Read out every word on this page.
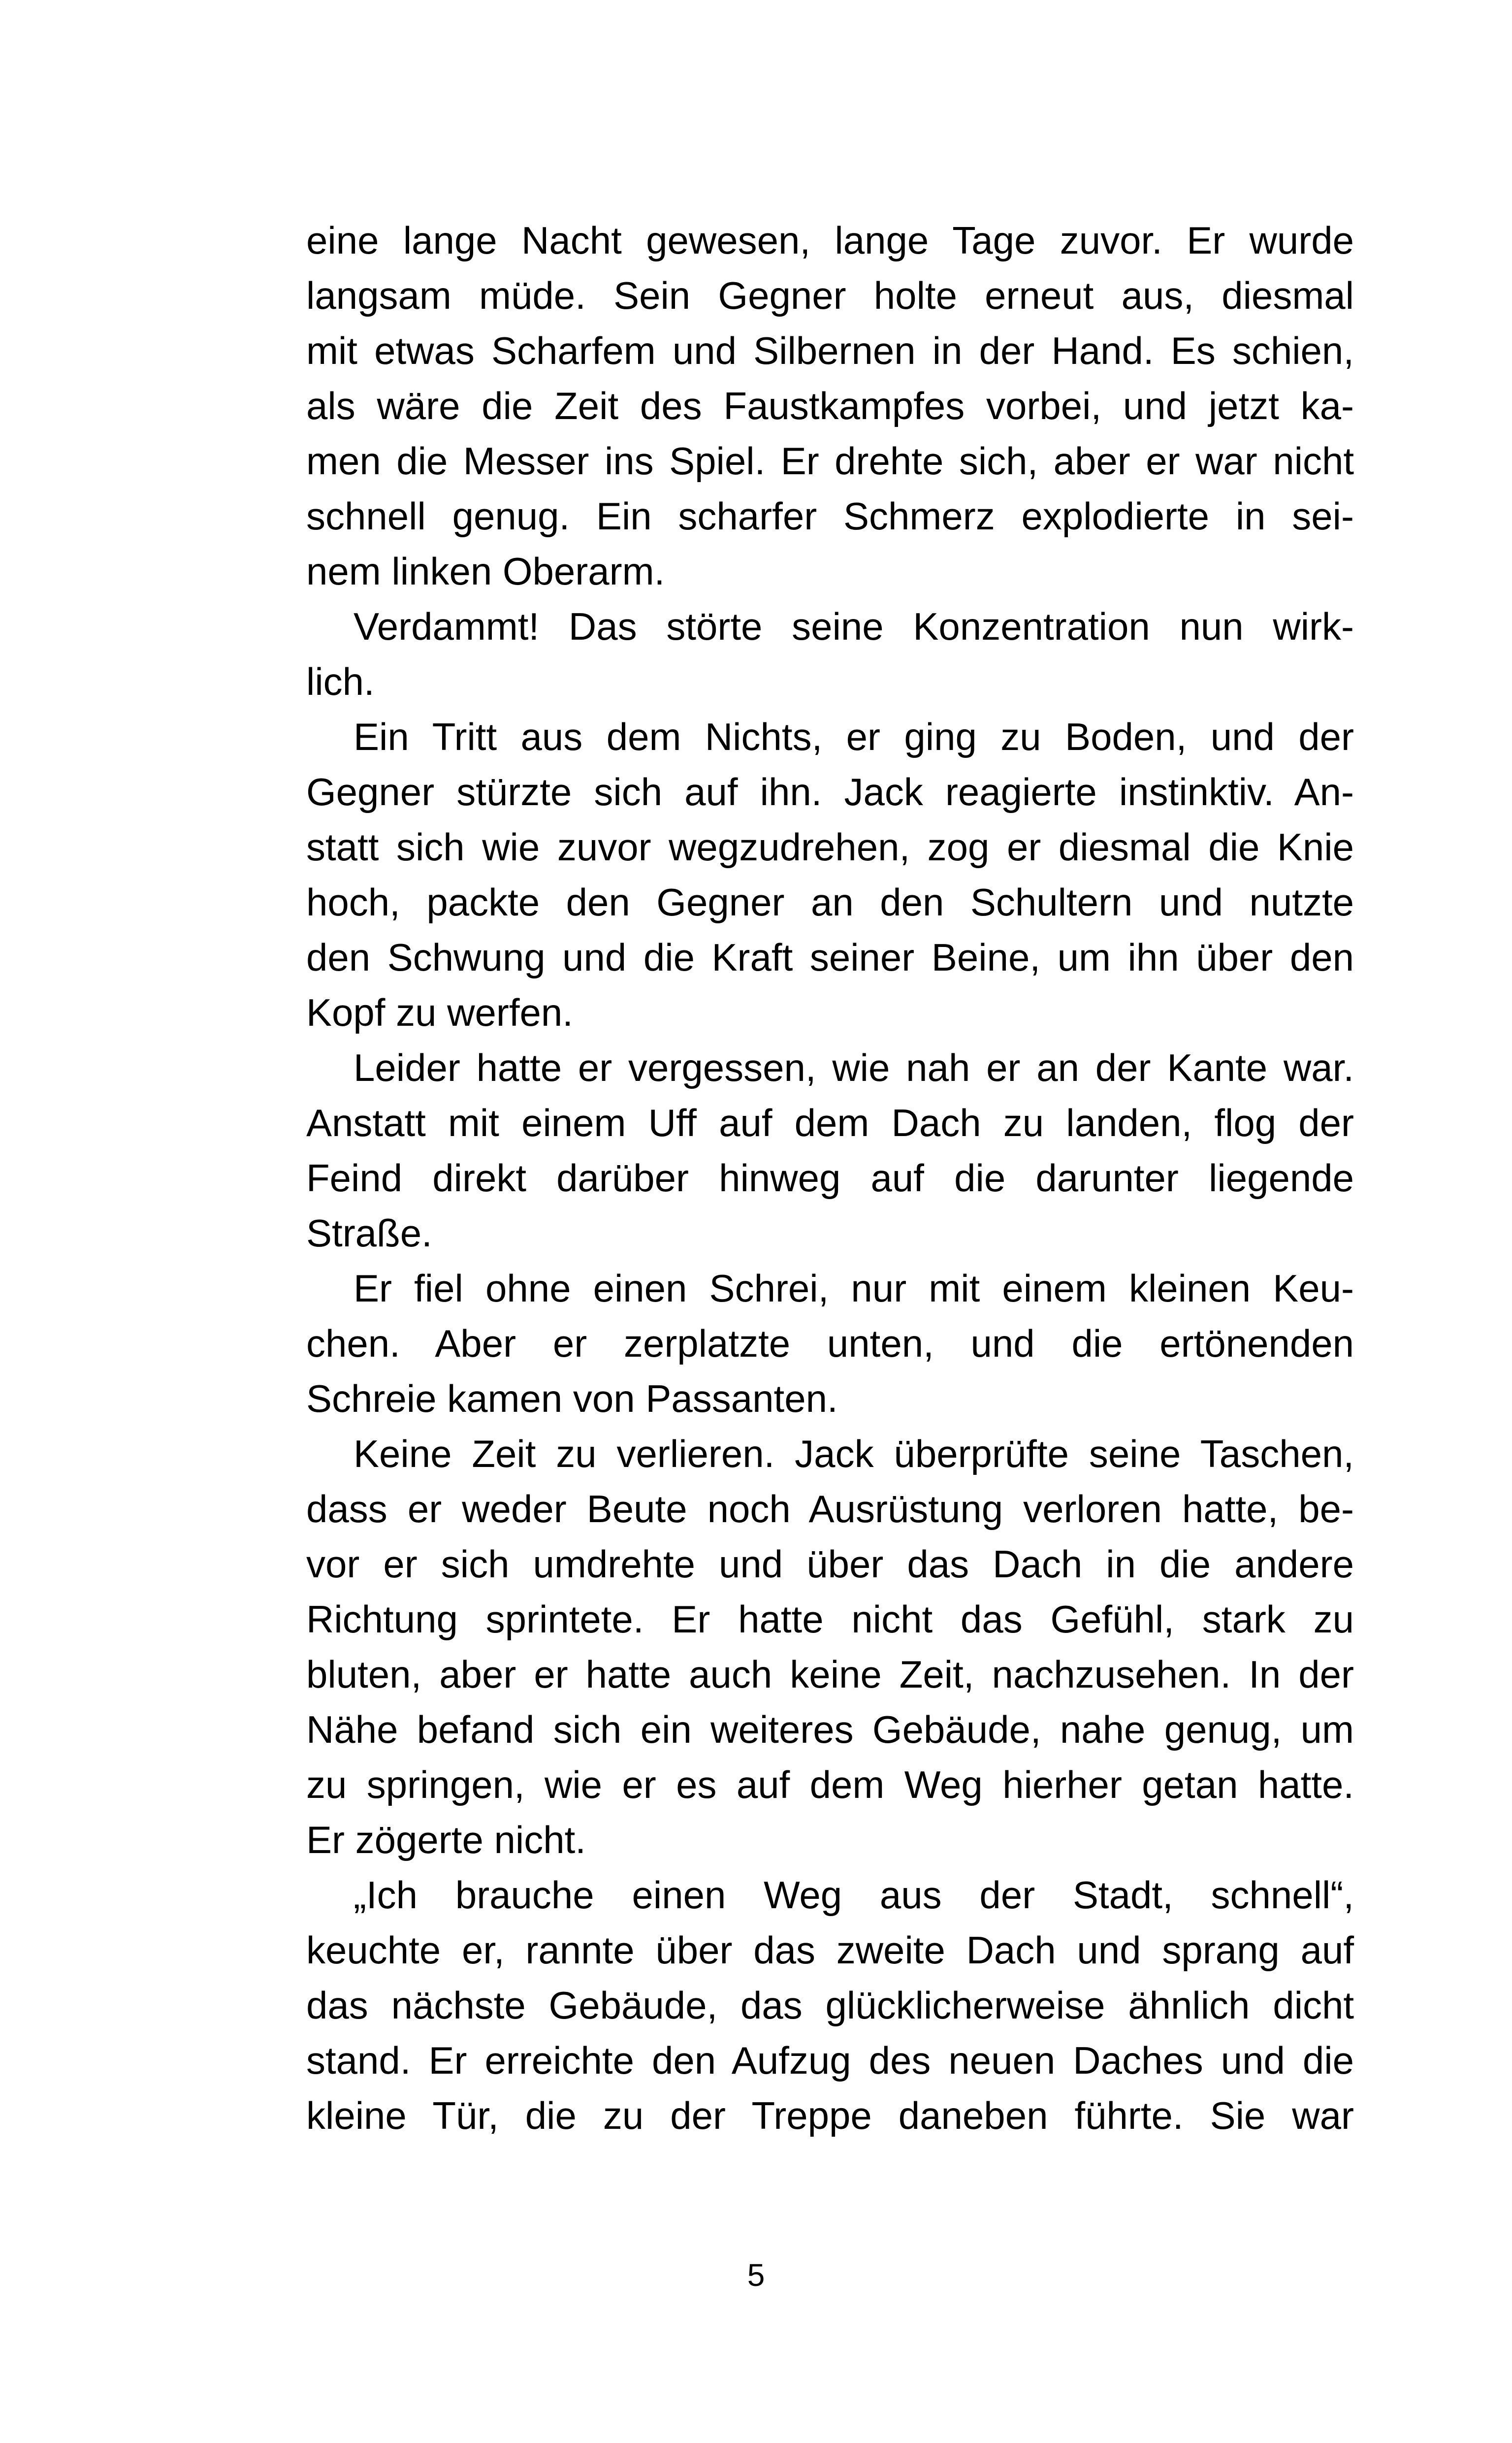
eine lange Nacht gewesen, lange Tage zuvor. Er wurde
langsam müde. Sein Gegner holte erneut aus, diesmal
mit etwas Scharfem und Silbernen in der Hand. Es schien,
als wäre die Zeit des Faustkampfes vorbei, und jetzt ka-
men die Messer ins Spiel. Er drehte sich, aber er war nicht
schnell genug. Ein scharfer Schmerz explodierte in sei-
nem linken Oberarm.
Verdammt! Das störte seine Konzentration nun wirk-
lich.
Ein Tritt aus dem Nichts, er ging zu Boden, und der
Gegner stürzte sich auf ihn. Jack reagierte instinktiv. An-
statt sich wie zuvor wegzudrehen, zog er diesmal die Knie
hoch, packte den Gegner an den Schultern und nutzte
den Schwung und die Kraft seiner Beine, um ihn über den
Kopf zu werfen.
Leider hatte er vergessen, wie nah er an der Kante war.
Anstatt mit einem Uff auf dem Dach zu landen, flog der
Feind direkt darüber hinweg auf die darunter liegende
Straße.
Er fiel ohne einen Schrei, nur mit einem kleinen Keu-
chen. Aber er zerplatzte unten, und die ertönenden
Schreie kamen von Passanten.
Keine Zeit zu verlieren. Jack überprüfte seine Taschen,
dass er weder Beute noch Ausrüstung verloren hatte, be-
vor er sich umdrehte und über das Dach in die andere
Richtung sprintete. Er hatte nicht das Gefühl, stark zu
bluten, aber er hatte auch keine Zeit, nachzusehen. In der
Nähe befand sich ein weiteres Gebäude, nahe genug, um
zu springen, wie er es auf dem Weg hierher getan hatte.
Er zögerte nicht.
„Ich brauche einen Weg aus der Stadt, schnell“,
keuchte er, rannte über das zweite Dach und sprang auf
das nächste Gebäude, das glücklicherweise ähnlich dicht
stand. Er erreichte den Aufzug des neuen Daches und die
kleine Tür, die zu der Treppe daneben führte. Sie war
5
